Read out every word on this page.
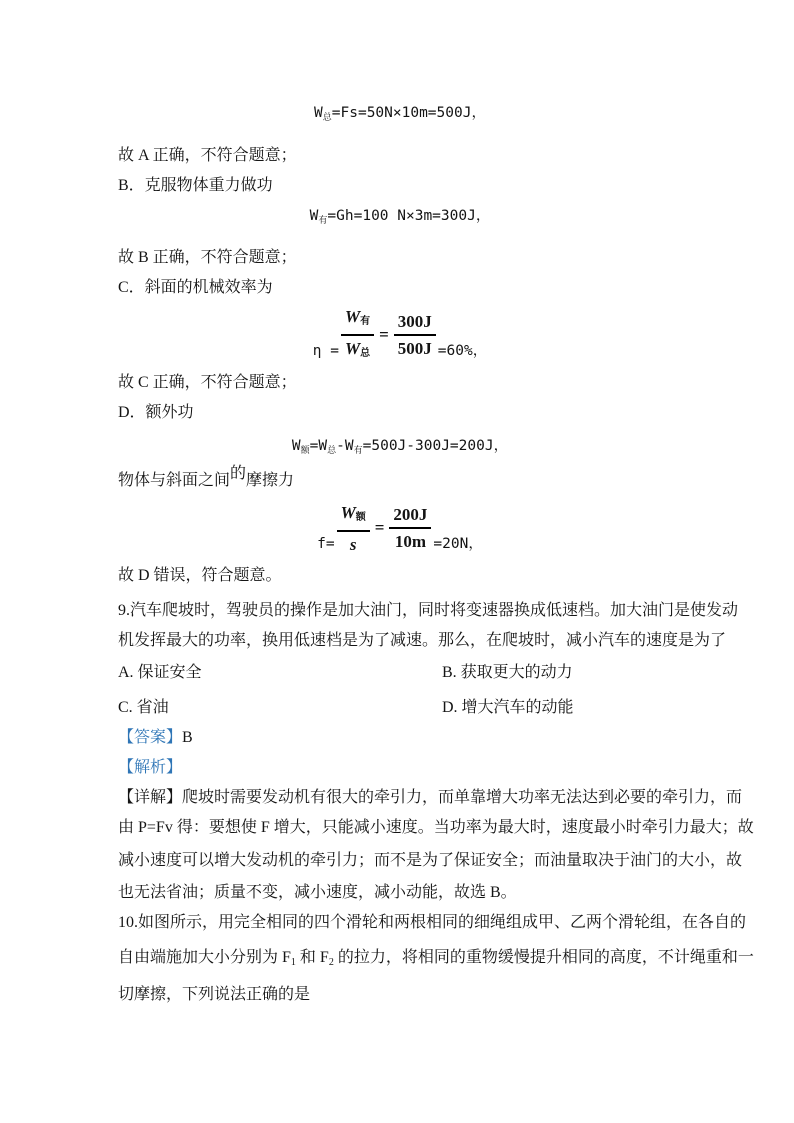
$W_总=Fs=50N\times 10m=500J$，
故 A 正确，不符合题意；
B．克服物体重力做功
$W_有=Gh=100$ N×3m=300J，
故 B 正确，不符合题意；
C．斜面的机械效率为
$\eta = \frac{W_有}{W_总} = \frac{300J}{500J} =60\%$，
故 C 正确，不符合题意；
D．额外功
$W_额=W_总-W_有=500J-300J=200J$，
物体与斜面之间的摩擦力
$f= \frac{W_额}{s} = \frac{200J}{10m} =20N$，
故 D 错误，符合题意。
9.汽车爬坡时，驾驶员的操作是加大油门，同时将变速器换成低速档。加大油门是使发动
机发挥最大的功率，换用低速档是为了减速。那么，在爬坡时，减小汽车的速度是为了
A. 保证安全	B. 获取更大的动力
C. 省油	D. 增大汽车的动能
【答案】B
【解析】
【详解】爬坡时需要发动机有很大的牵引力，而单靠增大功率无法达到必要的牵引力，而
由 P=Fv 得：要想使 F 增大，只能减小速度。当功率为最大时，速度最小时牵引力最大；故
减小速度可以增大发动机的牵引力；而不是为了保证安全；而油量取决于油门的大小，故
也无法省油；质量不变，减小速度，减小动能，故选 B。
10.如图所示，用完全相同的四个滑轮和两根相同的细绳组成甲、乙两个滑轮组，在各自的
自由端施加大小分别为 $F_1$ 和 $F_2$ 的拉力，将相同的重物缓慢提升相同的高度，不计绳重和一
切摩擦，下列说法正确的是
